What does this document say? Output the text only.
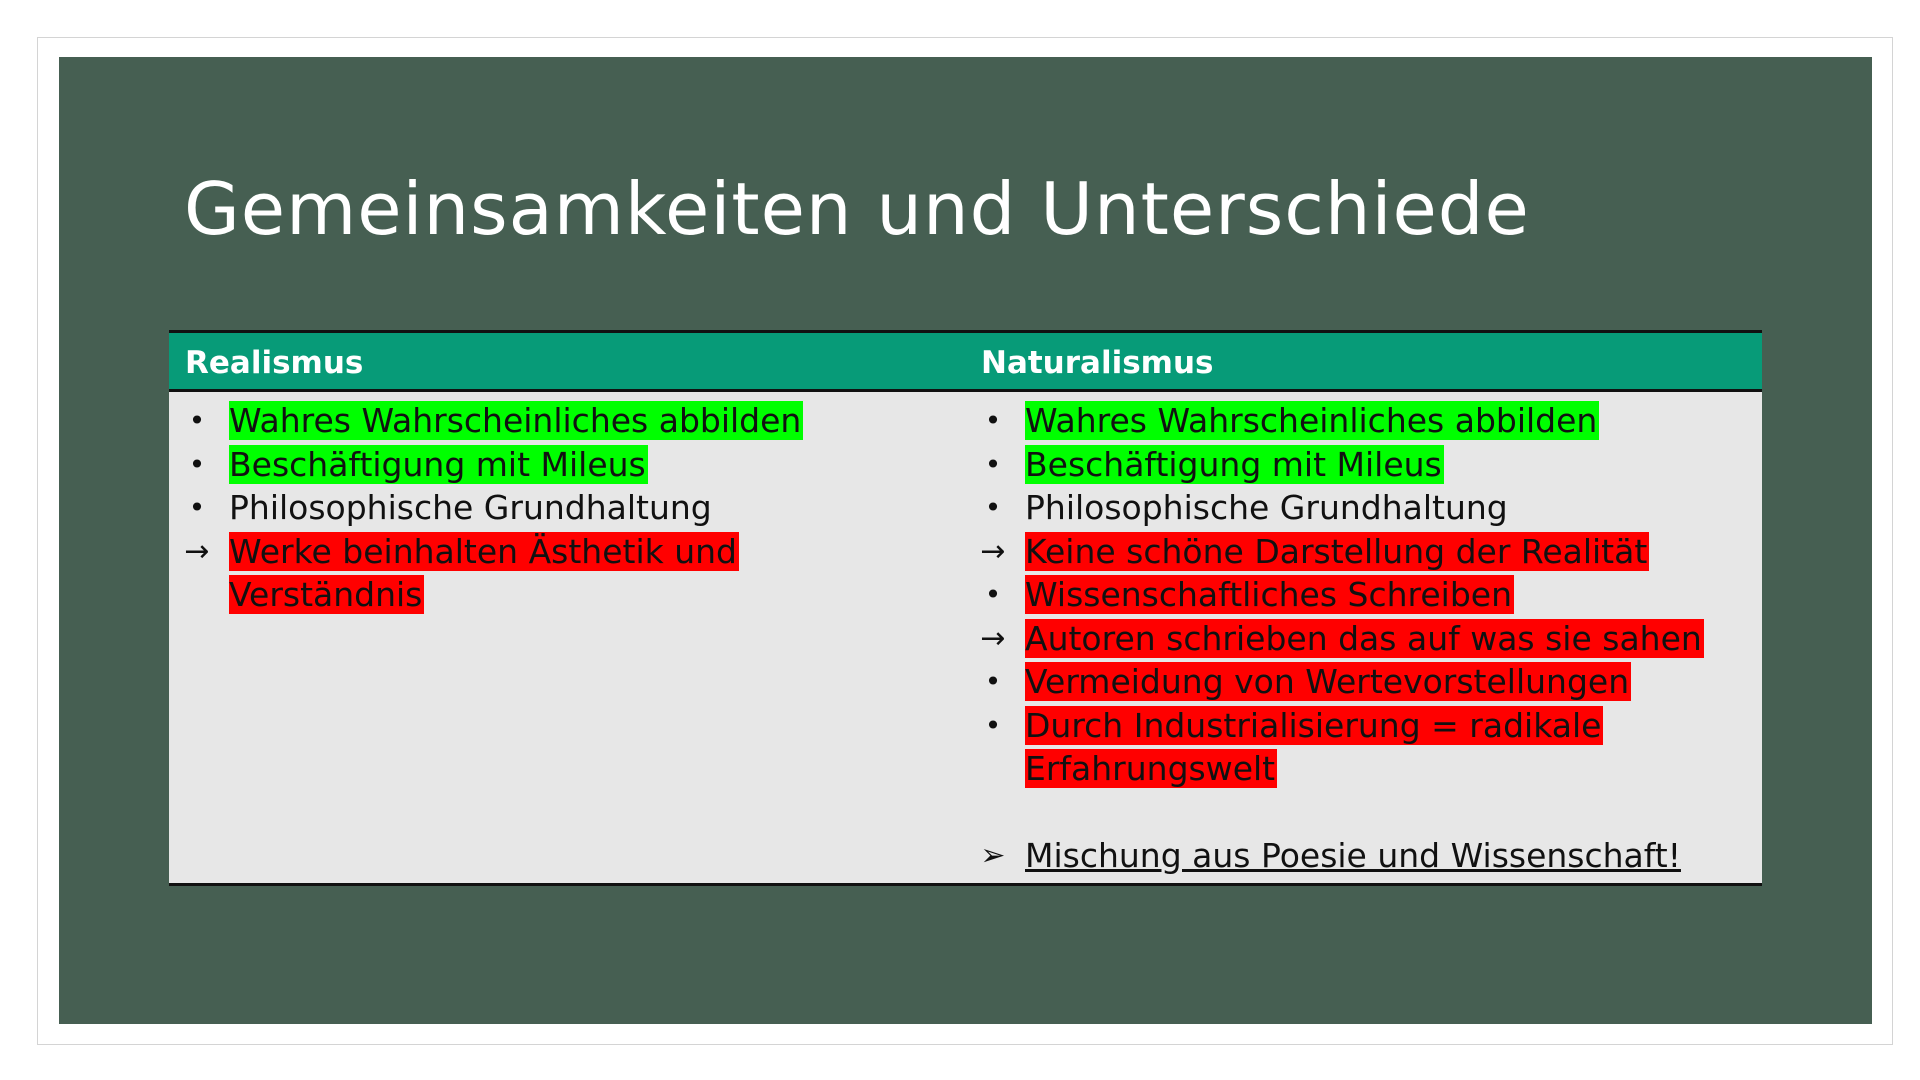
Gemeinsamkeiten und Unterschiede
Realismus	Naturalismus
• Wahres Wahrscheinliches abbilden
• Beschäftigung mit Mileus
• Philosophische Grundhaltung
→ Werke beinhalten Ästhetik und Verständnis
• Wahres Wahrscheinliches abbilden
• Beschäftigung mit Mileus
• Philosophische Grundhaltung
→ Keine schöne Darstellung der Realität
• Wissenschaftliches Schreiben
→ Autoren schrieben das auf was sie sahen
• Vermeidung von Wertevorstellungen
• Durch Industrialisierung = radikale Erfahrungswelt
➢ Mischung aus Poesie und Wissenschaft!
